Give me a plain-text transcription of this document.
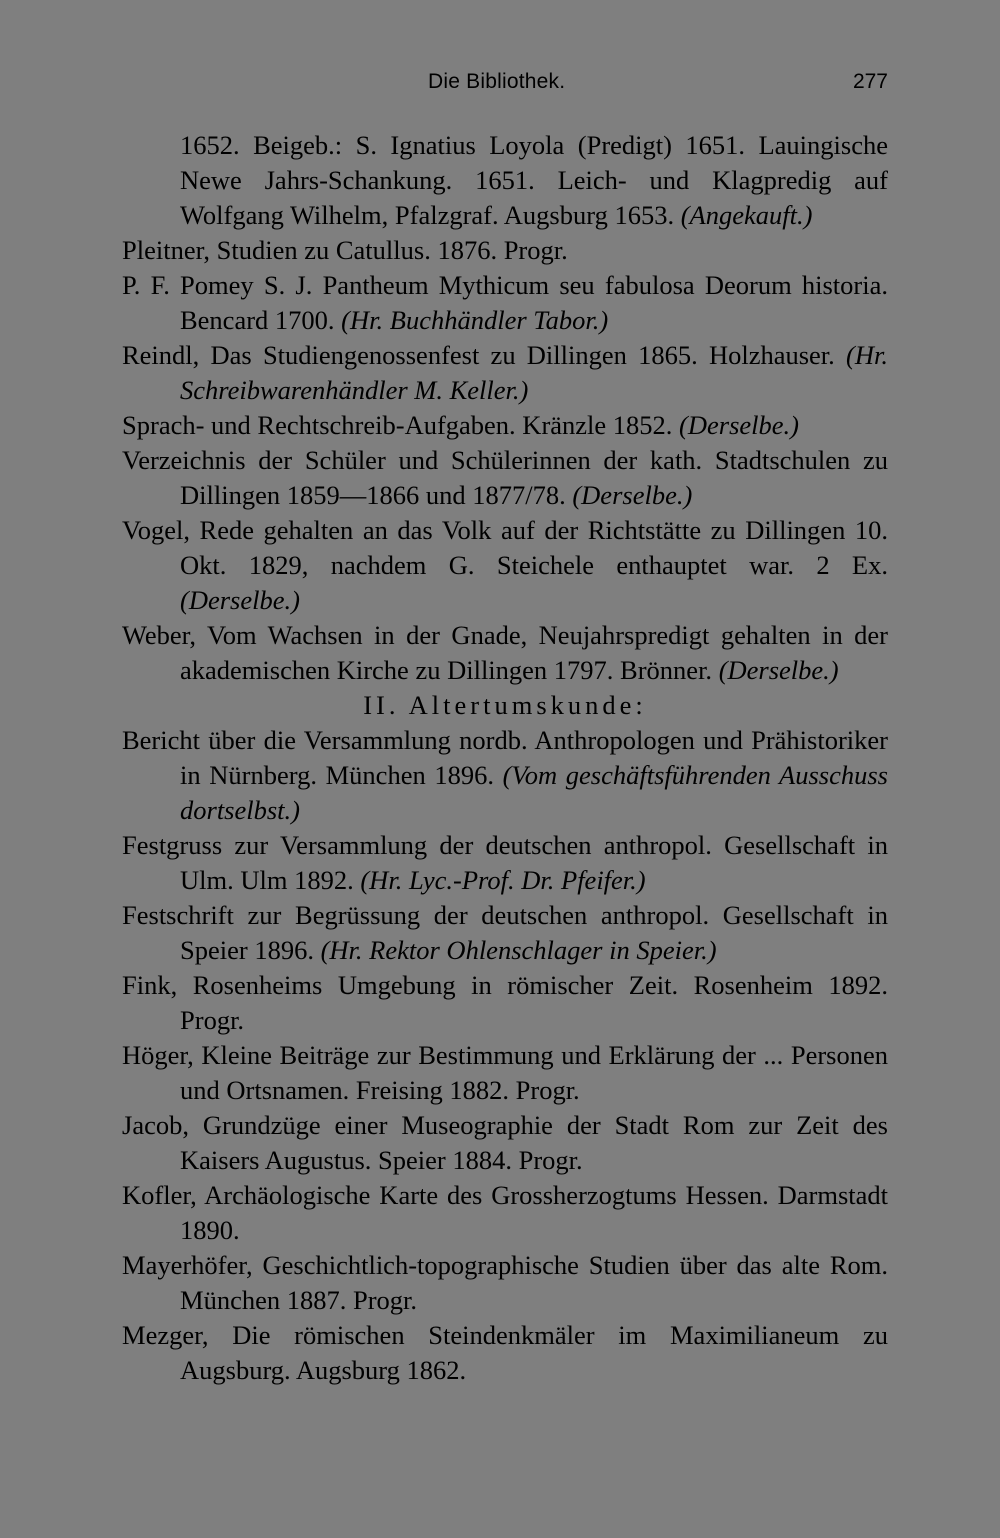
Die Bibliothek.	277

1652. Beigeb.: S. Ignatius Loyola (Predigt) 1651. Lauingische Newe Jahrs-Schankung. 1651. Leich- und Klagpredig auf Wolfgang Wilhelm, Pfalzgraf. Augsburg 1653. (Angekauft.)

Pleitner, Studien zu Catullus. 1876. Progr.

P. F. Pomey S. J. Pantheum Mythicum seu fabulosa Deorum historia. Bencard 1700. (Hr. Buchhändler Tabor.)

Reindl, Das Studiengenossenfest zu Dillingen 1865. Holzhauser. (Hr. Schreibwarenhändler M. Keller.)

Sprach- und Rechtschreib-Aufgaben. Kränzle 1852. (Derselbe.)

Verzeichnis der Schüler und Schülerinnen der kath. Stadtschulen zu Dillingen 1859—1866 und 1877/78. (Derselbe.)

Vogel, Rede gehalten an das Volk auf der Richtstätte zu Dillingen 10. Okt. 1829, nachdem G. Steichele enthauptet war. 2 Ex. (Derselbe.)

Weber, Vom Wachsen in der Gnade, Neujahrspredigt gehalten in der akademischen Kirche zu Dillingen 1797. Brönner. (Derselbe.)

II. Altertumskunde:

Bericht über die Versammlung nordb. Anthropologen und Prähistoriker in Nürnberg. München 1896. (Vom geschäftsführenden Ausschuss dortselbst.)

Festgruss zur Versammlung der deutschen anthropol. Gesellschaft in Ulm. Ulm 1892. (Hr. Lyc.-Prof. Dr. Pfeifer.)

Festschrift zur Begrüssung der deutschen anthropol. Gesellschaft in Speier 1896. (Hr. Rektor Ohlenschlager in Speier.)

Fink, Rosenheims Umgebung in römischer Zeit. Rosenheim 1892. Progr.

Höger, Kleine Beiträge zur Bestimmung und Erklärung der ... Personen und Ortsnamen. Freising 1882. Progr.

Jacob, Grundzüge einer Museographie der Stadt Rom zur Zeit des Kaisers Augustus. Speier 1884. Progr.

Kofler, Archäologische Karte des Grossherzogtums Hessen. Darmstadt 1890.

Mayerhöfer, Geschichtlich-topographische Studien über das alte Rom. München 1887. Progr.

Mezger, Die römischen Steindenkmäler im Maximilianeum zu Augsburg. Augsburg 1862.
